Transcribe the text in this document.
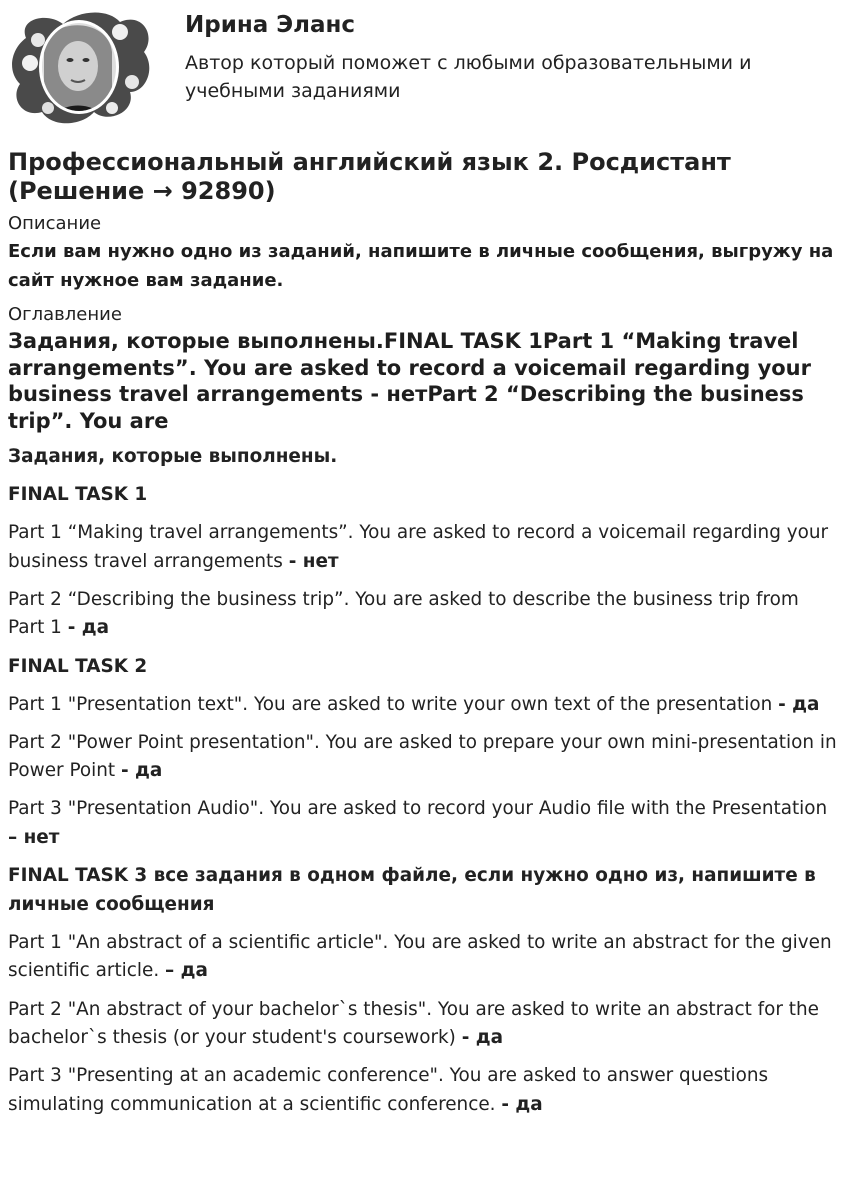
Ирина Эланс
Автор который поможет с любыми образовательными и учебными заданиями
Профессиональный английский язык 2. Росдистант (Решение → 92890)
Описание
Если вам нужно одно из заданий, напишите в личные сообщения, выгружу на сайт нужное вам задание.
Оглавление
Задания, которые выполнены.FINAL TASK 1Part 1 “Making travel arrangements”. You are asked to record a voicemail regarding your business travel arrangements - нетPart 2 “Describing the business trip”. You are
Задания, которые выполнены.
FINAL TASK 1
Part 1 “Making travel arrangements”. You are asked to record a voicemail regarding your business travel arrangements - нет
Part 2 “Describing the business trip”. You are asked to describe the business trip from Part 1 - да
FINAL TASK 2
Part 1 "Presentation text". You are asked to write your own text of the presentation - да
Part 2 "Power Point presentation". You are asked to prepare your own mini-presentation in Power Point - да
Part 3 "Presentation Audio". You are asked to record your Audio file with the Presentation – нет
FINAL TASK 3 все задания в одном файле, если нужно одно из, напишите в личные сообщения
Part 1 "An abstract of a scientific article". You are asked to write an abstract for the given scientific article. – да
Part 2 "An abstract of your bachelor`s thesis". You are asked to write an abstract for the bachelor`s thesis (or your student's coursework) - да
Part 3 "Presenting at an academic conference". You are asked to answer questions simulating communication at a scientific conference. - да
